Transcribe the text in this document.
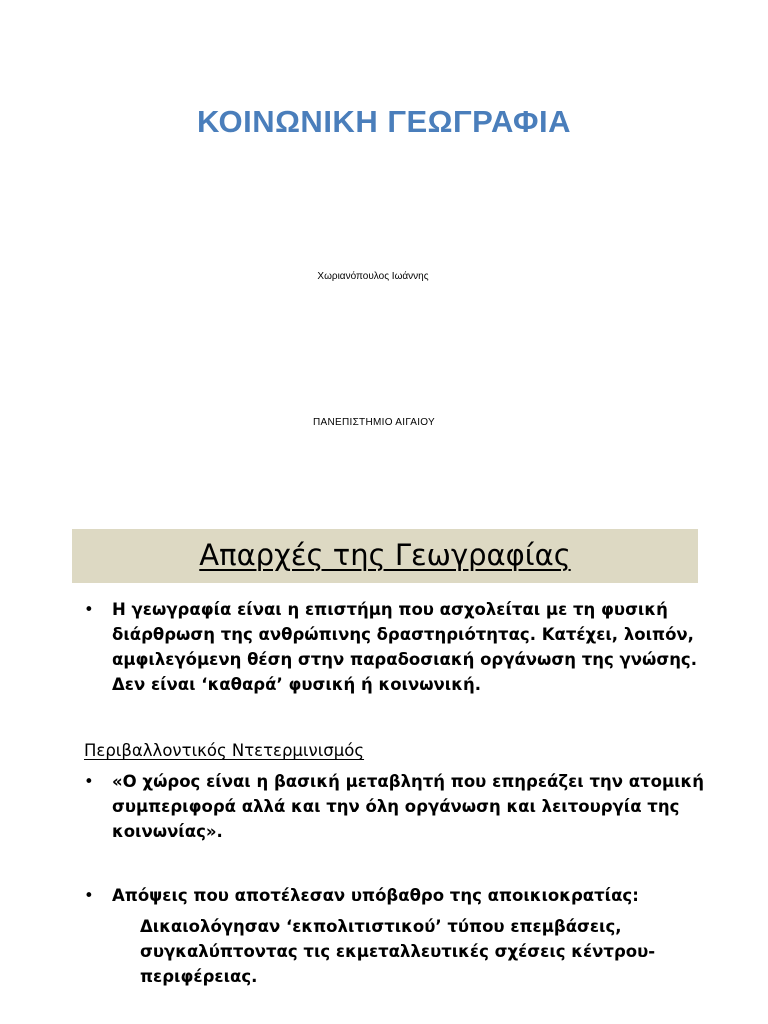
ΚΟΙΝΩΝΙΚΗ ΓΕΩΓΡΑΦΙΑ
Χωριανόπουλος Ιωάννης
ΠΑΝΕΠΙΣΤΗΜΙΟ ΑΙΓΑΙΟΥ
Απαρχές της Γεωγραφίας
•	Η γεωγραφία είναι η επιστήμη που ασχολείται με τη φυσική διάρθρωση της ανθρώπινης δραστηριότητας. Κατέχει, λοιπόν, αμφιλεγόμενη θέση στην παραδοσιακή οργάνωση της γνώσης. Δεν είναι ‘καθαρά’ φυσική ή κοινωνική.
Περιβαλλοντικός Ντετερμινισμός
•	«Ο χώρος είναι η βασική μεταβλητή που επηρεάζει την ατομική συμπεριφορά αλλά και την όλη οργάνωση και λειτουργία της κοινωνίας».
•	Απόψεις που αποτέλεσαν υπόβαθρο της αποικιοκρατίας:
Δικαιολόγησαν ‘εκπολιτιστικού’ τύπου επεμβάσεις, συγκαλύπτοντας τις εκμεταλλευτικές σχέσεις κέντρου-περιφέρειας.
